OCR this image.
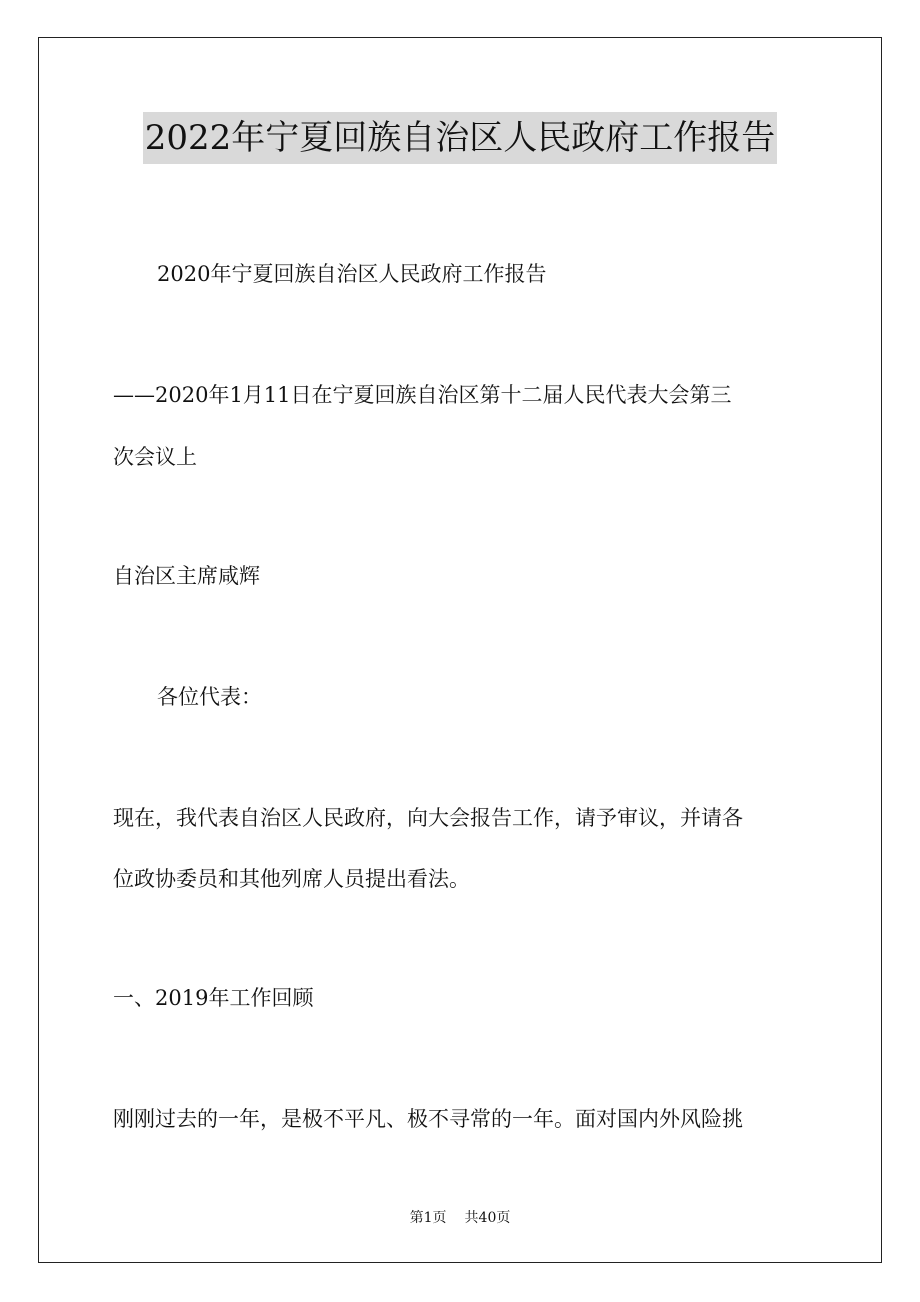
2022年宁夏回族自治区人民政府工作报告
2020年宁夏回族自治区人民政府工作报告
——2020年1月11日在宁夏回族自治区第十二届人民代表大会第三
次会议上
自治区主席咸辉
各位代表：
现在，我代表自治区人民政府，向大会报告工作，请予审议，并请各
位政协委员和其他列席人员提出看法。
一、2019年工作回顾
刚刚过去的一年，是极不平凡、极不寻常的一年。面对国内外风险挑
第1页 共40页
